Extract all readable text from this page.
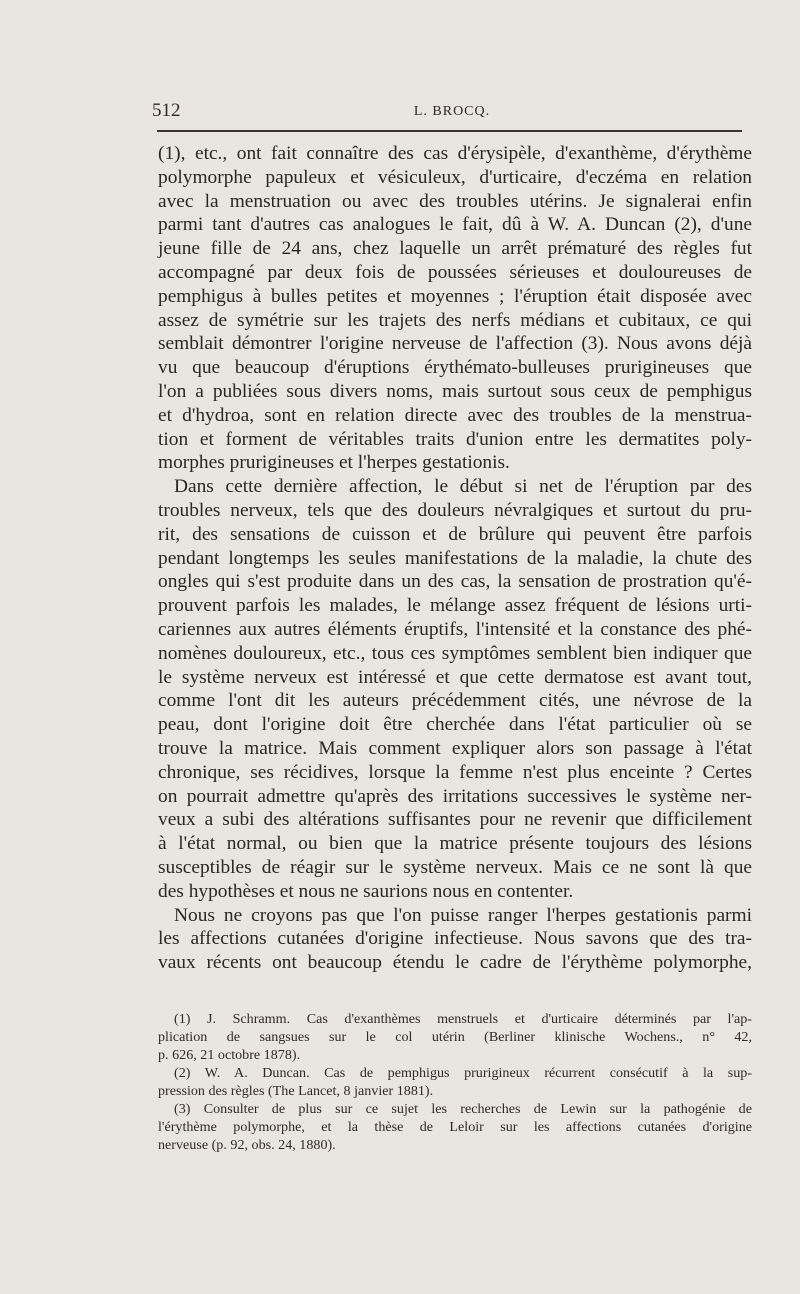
512	L. BROCQ.
(1), etc., ont fait connaître des cas d'érysipèle, d'exanthème, d'érythème
polymorphe papuleux et vésiculeux, d'urticaire, d'eczéma en relation
avec la menstruation ou avec des troubles utérins. Je signalerai enfin
parmi tant d'autres cas analogues le fait, dû à W. A. Duncan (2), d'une
jeune fille de 24 ans, chez laquelle un arrêt prématuré des règles fut
accompagné par deux fois de poussées sérieuses et douloureuses de
pemphigus à bulles petites et moyennes ; l'éruption était disposée avec
assez de symétrie sur les trajets des nerfs médians et cubitaux, ce qui
semblait démontrer l'origine nerveuse de l'affection (3). Nous avons déjà
vu que beaucoup d'éruptions érythémato-bulleuses prurigineuses que
l'on a publiées sous divers noms, mais surtout sous ceux de pemphigus
et d'hydroa, sont en relation directe avec des troubles de la menstrua-
tion et forment de véritables traits d'union entre les dermatites poly-
morphes prurigineuses et l'herpes gestationis.
Dans cette dernière affection, le début si net de l'éruption par des
troubles nerveux, tels que des douleurs névralgiques et surtout du pru-
rit, des sensations de cuisson et de brûlure qui peuvent être parfois
pendant longtemps les seules manifestations de la maladie, la chute des
ongles qui s'est produite dans un des cas, la sensation de prostration qu'é-
prouvent parfois les malades, le mélange assez fréquent de lésions urti-
cariennes aux autres éléments éruptifs, l'intensité et la constance des phé-
nomènes douloureux, etc., tous ces symptômes semblent bien indiquer que
le système nerveux est intéressé et que cette dermatose est avant tout,
comme l'ont dit les auteurs précédemment cités, une névrose de la
peau, dont l'origine doit être cherchée dans l'état particulier où se
trouve la matrice. Mais comment expliquer alors son passage à l'état
chronique, ses récidives, lorsque la femme n'est plus enceinte ? Certes
on pourrait admettre qu'après des irritations successives le système ner-
veux a subi des altérations suffisantes pour ne revenir que difficilement
à l'état normal, ou bien que la matrice présente toujours des lésions
susceptibles de réagir sur le système nerveux. Mais ce ne sont là que
des hypothèses et nous ne saurions nous en contenter.
Nous ne croyons pas que l'on puisse ranger l'herpes gestationis parmi
les affections cutanées d'origine infectieuse. Nous savons que des tra-
vaux récents ont beaucoup étendu le cadre de l'érythème polymorphe,
(1) J. Schramm. Cas d'exanthèmes menstruels et d'urticaire déterminés par l'ap-
plication de sangsues sur le col utérin (Berliner klinische Wochens., n° 42,
p. 626, 21 octobre 1878).
(2) W. A. Duncan. Cas de pemphigus prurigineux récurrent consécutif à la sup-
pression des règles (The Lancet, 8 janvier 1881).
(3) Consulter de plus sur ce sujet les recherches de Lewin sur la pathogénie de
l'érythème polymorphe, et la thèse de Leloir sur les affections cutanées d'origine
nerveuse (p. 92, obs. 24, 1880).
